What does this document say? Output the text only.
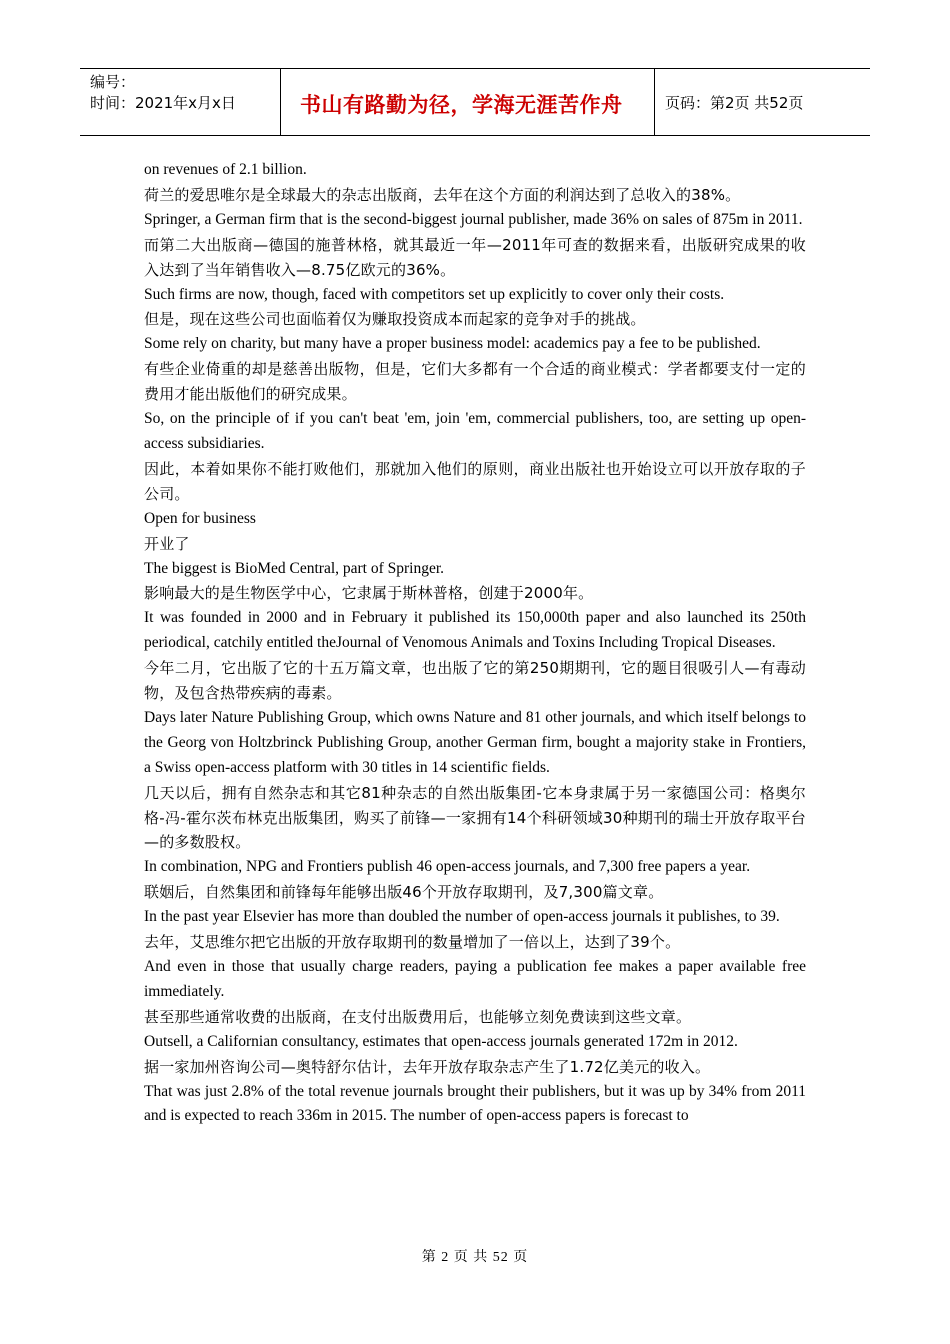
编号：
时间：2021年x月x日	书山有路勤为径，学海无涯苦作舟	页码：第2页 共52页

on revenues of 2.1 billion.

荷兰的爱思唯尔是全球最大的杂志出版商，去年在这个方面的利润达到了总收入的38%。

Springer, a German firm that is the second-biggest journal publisher, made 36% on sales of 875m in 2011.

而第二大出版商—德国的施普林格，就其最近一年—2011年可查的数据来看，出版研究成果的收入达到了当年销售收入—8.75亿欧元的36%。

Such firms are now, though, faced with competitors set up explicitly to cover only their costs.

但是，现在这些公司也面临着仅为赚取投资成本而起家的竞争对手的挑战。

Some rely on charity, but many have a proper business model: academics pay a fee to be published.

有些企业倚重的却是慈善出版物，但是，它们大多都有一个合适的商业模式：学者都要支付一定的费用才能出版他们的研究成果。

So, on the principle of if you can't beat 'em, join 'em, commercial publishers, too, are setting up open-access subsidiaries.

因此，本着如果你不能打败他们，那就加入他们的原则，商业出版社也开始设立可以开放存取的子公司。

Open for business

开业了

The biggest is BioMed Central, part of Springer.

影响最大的是生物医学中心，它隶属于斯林普格，创建于2000年。

It was founded in 2000 and in February it published its 150,000th paper and also launched its 250th periodical, catchily entitled theJournal of Venomous Animals and Toxins Including Tropical Diseases.

今年二月，它出版了它的十五万篇文章，也出版了它的第250期期刊，它的题目很吸引人—有毒动物，及包含热带疾病的毒素。

Days later Nature Publishing Group, which owns Nature and 81 other journals, and which itself belongs to the Georg von Holtzbrinck Publishing Group, another German firm, bought a majority stake in Frontiers, a Swiss open-access platform with 30 titles in 14 scientific fields.

几天以后，拥有自然杂志和其它81种杂志的自然出版集团-它本身隶属于另一家德国公司：格奥尔格-冯-霍尔茨布林克出版集团，购买了前锋—一家拥有14个科研领域30种期刊的瑞士开放存取平台—的多数股权。

In combination, NPG and Frontiers publish 46 open-access journals, and 7,300 free papers a year.

联姻后，自然集团和前锋每年能够出版46个开放存取期刊，及7,300篇文章。

In the past year Elsevier has more than doubled the number of open-access journals it publishes, to 39.

去年，艾思维尔把它出版的开放存取期刊的数量增加了一倍以上，达到了39个。

And even in those that usually charge readers, paying a publication fee makes a paper available free immediately.

甚至那些通常收费的出版商，在支付出版费用后，也能够立刻免费读到这些文章。

Outsell, a Californian consultancy, estimates that open-access journals generated 172m in 2012.

据一家加州咨询公司—奥特舒尔估计，去年开放存取杂志产生了1.72亿美元的收入。

That was just 2.8% of the total revenue journals brought their publishers, but it was up by 34% from 2011 and is expected to reach 336m in 2015. The number of open-access papers is forecast to

第 2 页 共 52 页
